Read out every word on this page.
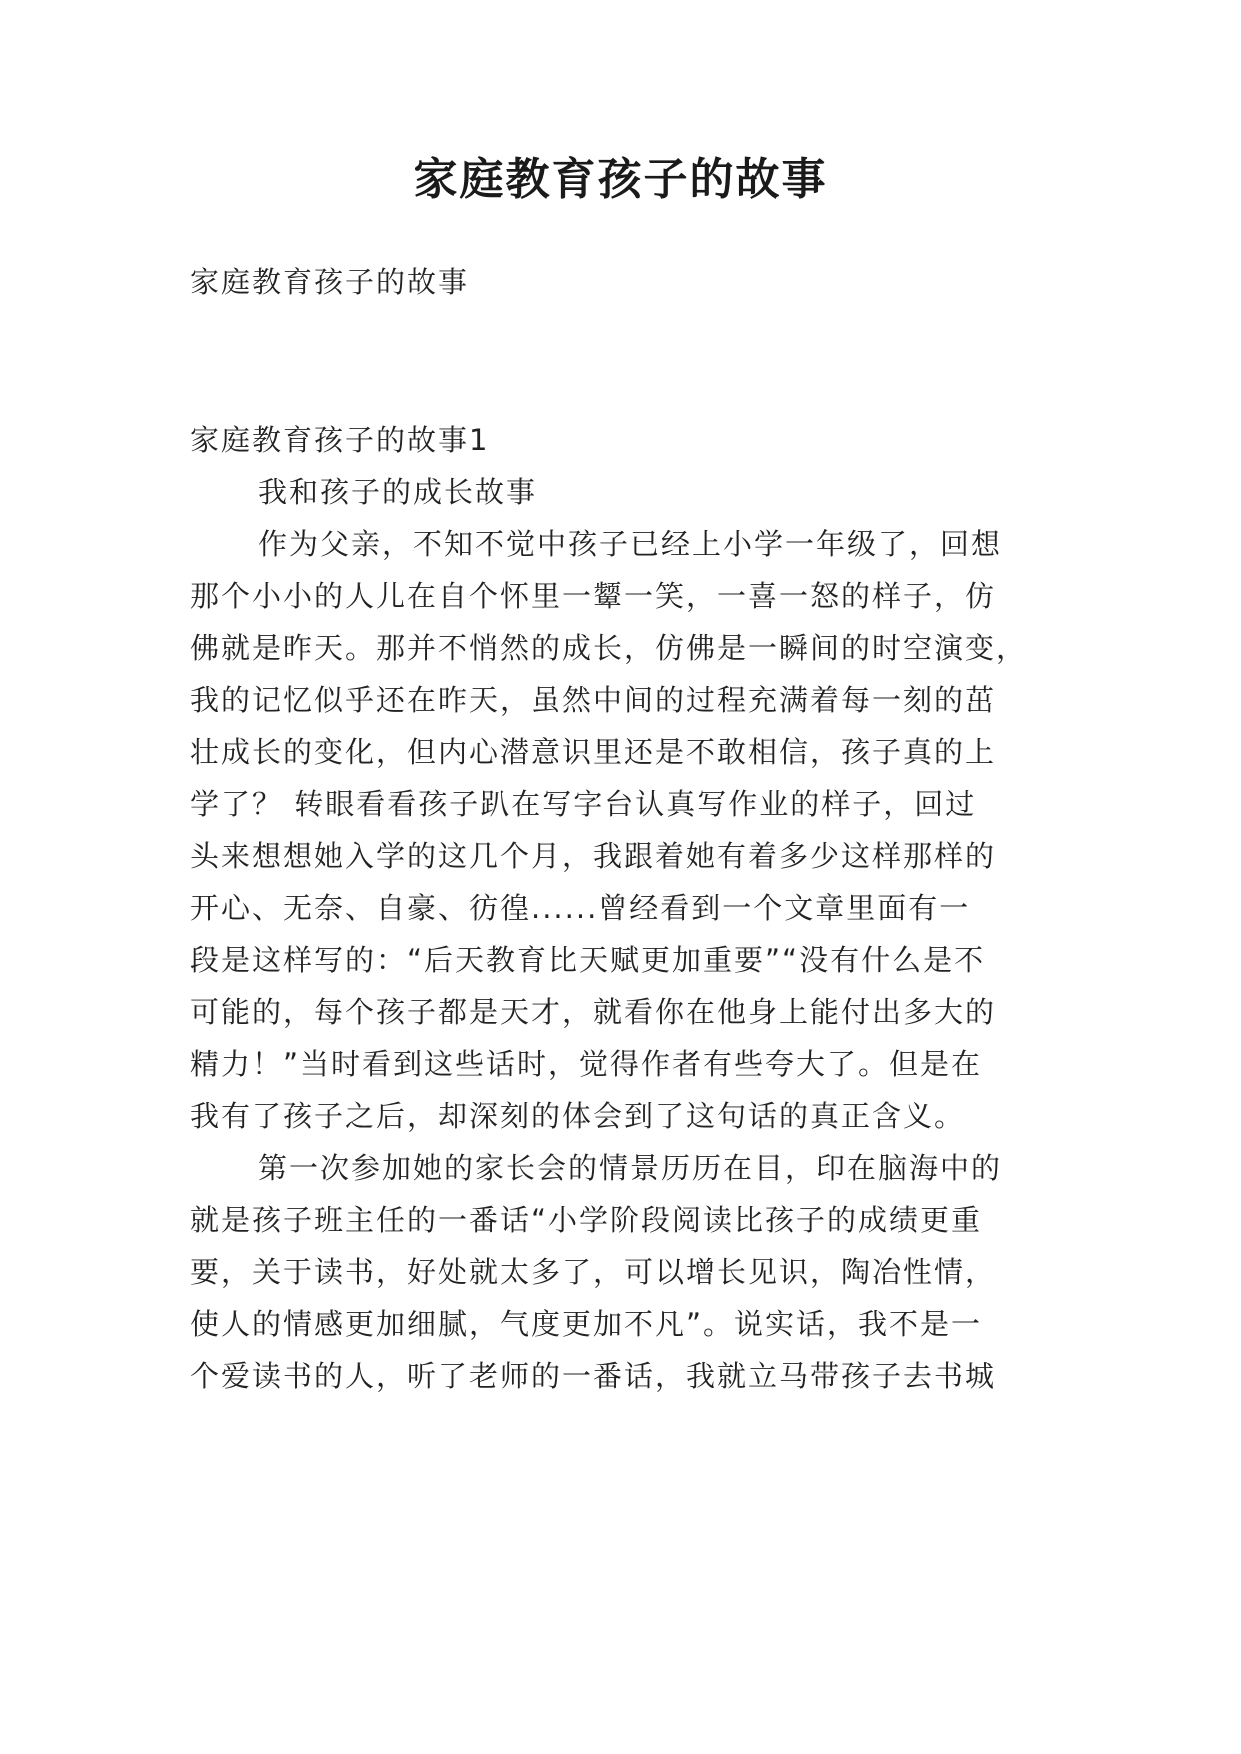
家庭教育孩子的故事

家庭教育孩子的故事

家庭教育孩子的故事1

我和孩子的成长故事

作为父亲，不知不觉中孩子已经上小学一年级了，回想

那个小小的人儿在自个怀里一颦一笑，一喜一怒的样子，仿

佛就是昨天。那并不悄然的成长，仿佛是一瞬间的时空演变，

我的记忆似乎还在昨天，虽然中间的过程充满着每一刻的茁

壮成长的变化，但内心潜意识里还是不敢相信，孩子真的上

学了？ 转眼看看孩子趴在写字台认真写作业的样子，回过

头来想想她入学的这几个月，我跟着她有着多少这样那样的

开心、无奈、自豪、彷徨......曾经看到一个文章里面有一

段是这样写的：“后天教育比天赋更加重要”“没有什么是不

可能的，每个孩子都是天才，就看你在他身上能付出多大的

精力！”当时看到这些话时，觉得作者有些夸大了。但是在

我有了孩子之后，却深刻的体会到了这句话的真正含义。

第一次参加她的家长会的情景历历在目，印在脑海中的

就是孩子班主任的一番话“小学阶段阅读比孩子的成绩更重

要，关于读书，好处就太多了，可以增长见识，陶冶性情，

使人的情感更加细腻，气度更加不凡”。说实话，我不是一

个爱读书的人，听了老师的一番话，我就立马带孩子去书城
